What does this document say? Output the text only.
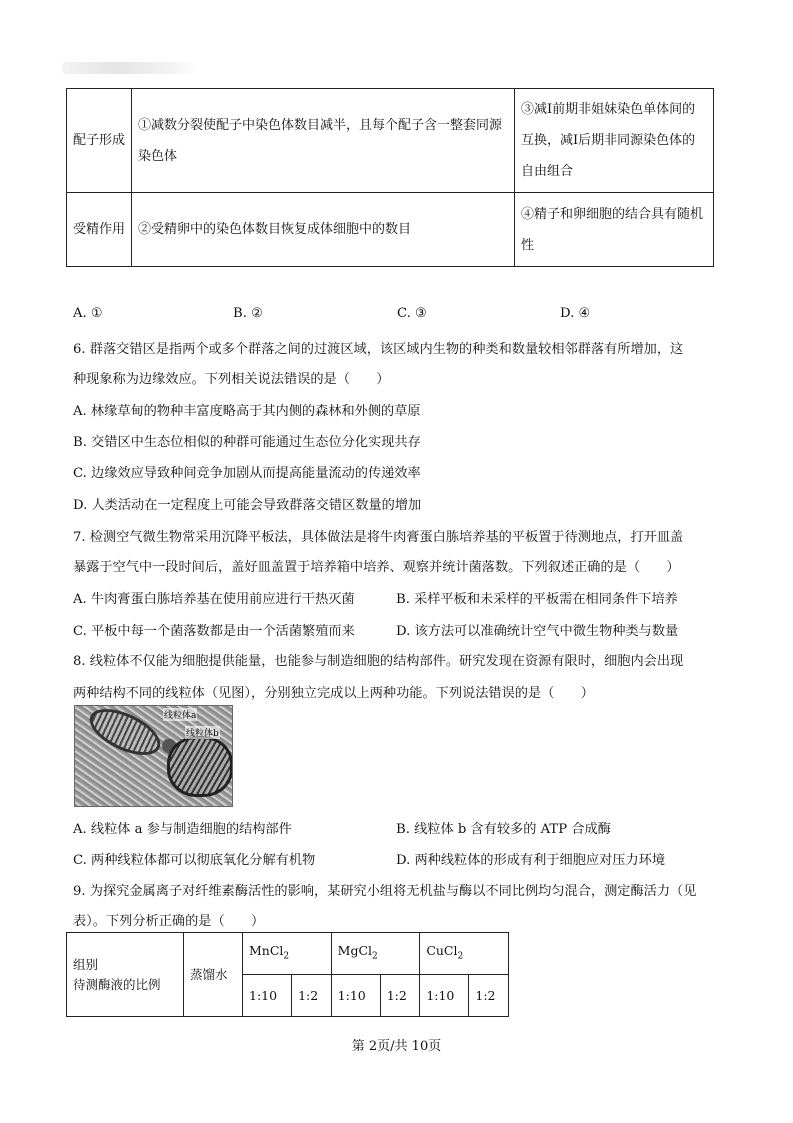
配子形成	①减数分裂使配子中染色体数目减半，且每个配子含一整套同源染色体	③减Ⅰ前期非姐妹染色单体间的互换，减Ⅰ后期非同源染色体的自由组合
受精作用	②受精卵中的染色体数目恢复成体细胞中的数目	④精子和卵细胞的结合具有随机性
A. ①	B. ②	C. ③	D. ④
6. 群落交错区是指两个或多个群落之间的过渡区域，该区域内生物的种类和数量较相邻群落有所增加，这
种现象称为边缘效应。下列相关说法错误的是（　　）
A. 林缘草甸的物种丰富度略高于其内侧的森林和外侧的草原
B. 交错区中生态位相似的种群可能通过生态位分化实现共存
C. 边缘效应导致种间竞争加剧从而提高能量流动的传递效率
D. 人类活动在一定程度上可能会导致群落交错区数量的增加
7. 检测空气微生物常采用沉降平板法，具体做法是将牛肉膏蛋白胨培养基的平板置于待测地点，打开皿盖
暴露于空气中一段时间后，盖好皿盖置于培养箱中培养、观察并统计菌落数。下列叙述正确的是（　　）
A. 牛肉膏蛋白胨培养基在使用前应进行干热灭菌	B. 采样平板和未采样的平板需在相同条件下培养
C. 平板中每一个菌落数都是由一个活菌繁殖而来	D. 该方法可以准确统计空气中微生物种类与数量
8. 线粒体不仅能为细胞提供能量，也能参与制造细胞的结构部件。研究发现在资源有限时，细胞内会出现
两种结构不同的线粒体（见图），分别独立完成以上两种功能。下列说法错误的是（　　）
线粒体a
线粒体b
A. 线粒体 a 参与制造细胞的结构部件	B. 线粒体 b 含有较多的 ATP 合成酶
C. 两种线粒体都可以彻底氧化分解有机物	D. 两种线粒体的形成有利于细胞应对压力环境
9. 为探究金属离子对纤维素酶活性的影响，某研究小组将无机盐与酶以不同比例均匀混合，测定酶活力（见
表）。下列分析正确的是（　　）
组别
待测酶液的比例	蒸馏水	MnCl$_2$		MgCl$_2$		CuCl$_2$
		1:10	1:2	1:10	1:2	1:10	1:2
第 2页/共 10页
